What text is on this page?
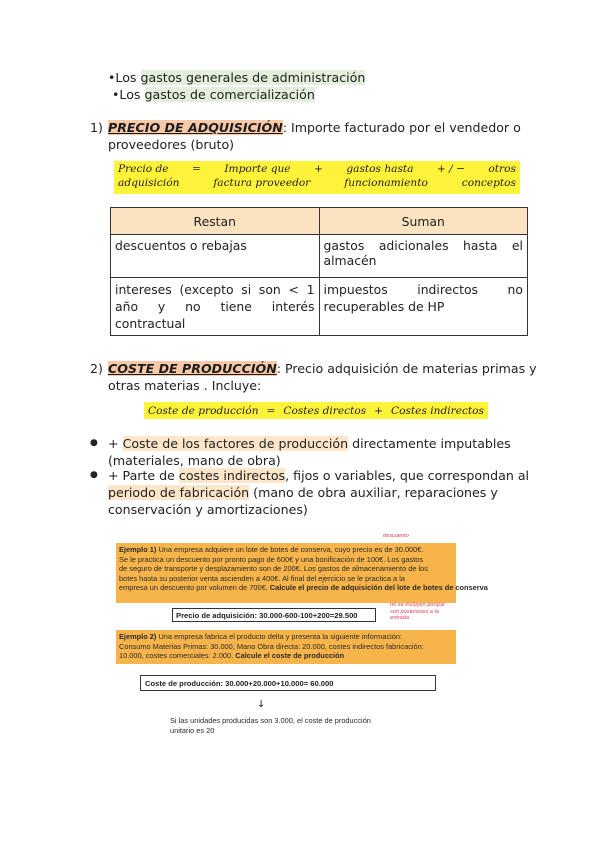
•Los gastos generales de administración
•Los gastos de comercialización
1) PRECIO DE ADQUISICIÓN: Importe facturado por el vendedor o
proveedores (bruto)
Precio de = Importe que + gastos hasta + / − otros
adquisición	factura proveedor	funcionamiento	conceptos
Restan	Suman
descuentos o rebajas	gastos adicionales hasta el almacén
intereses (excepto si son < 1 año y no tiene interés contractual	impuestos indirectos no recuperables de HP
2) COSTE DE PRODUCCIÓN: Precio adquisición de materias primas y
otras materias . Incluye:
Coste de producción = Costes directos + Costes indirectos
● + Coste de los factores de producción directamente imputables
(materiales, mano de obra)
● + Parte de costes indirectos, fijos o variables, que correspondan al
periodo de fabricación (mano de obra auxiliar, reparaciones y
conservación y amortizaciones)
descuento
Ejemplo 1) Una empresa adquiere un lote de botes de conserva, cuyo precio es de 30.000€.
Se le practica un descuento por pronto pago de 600€ y una bonificación de 100€. Los gastos
de seguro de transporte y desplazamiento son de 200€. Los gastos de almacenamiento de los
botes hasta su posterior venta ascienden a 400€. Al final del ejercicio se le practica a la
empresa un descuento por volumen de 700€. Calcule el precio de adquisición del lote de botes de conserva
Precio de adquisición: 30.000-600-100+200=29.500
no se incluyen porque
son posteriores a la
entrada
Ejemplo 2) Una empresa fabrica el producto delta y presenta la siguiente información:
Consumo Materias Primas: 30.000, Mano Obra directa: 20.000, costes indirectos fabricación:
10.000, costes comerciales: 2.000. Calcule el coste de producción
Coste de producción: 30.000+20.000+10.000= 60.000
↓
Si las unidades producidas son 3.000, el coste de producción
unitario es 20
